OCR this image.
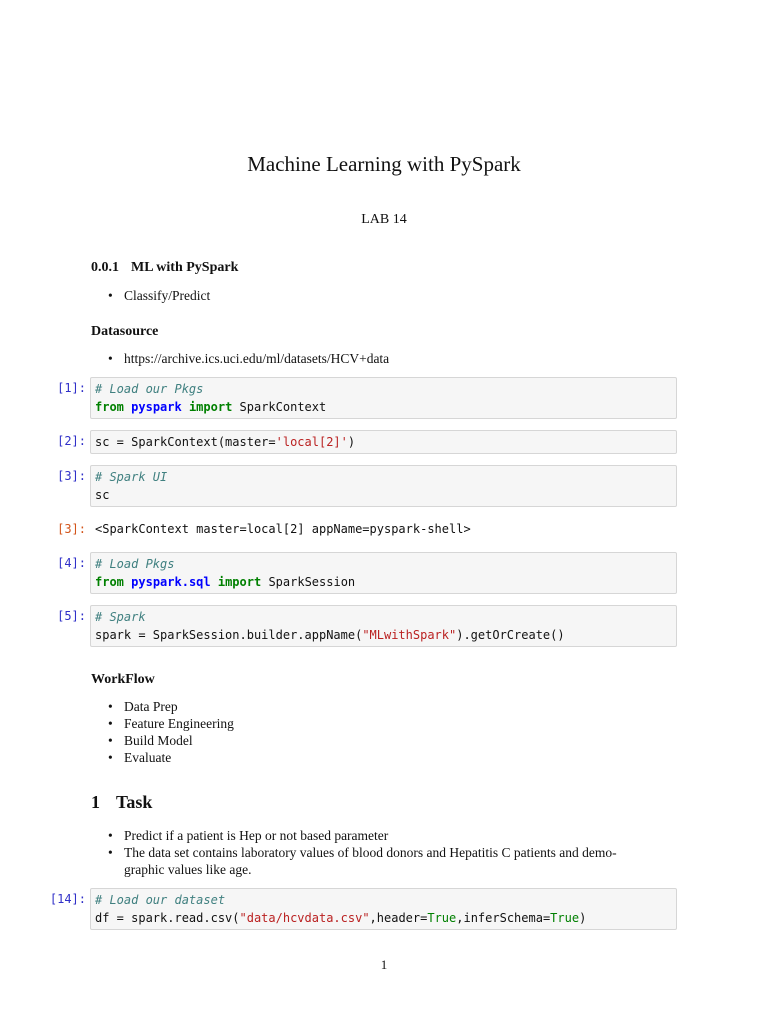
Machine Learning with PySpark
LAB 14
0.0.1 ML with PySpark
• Classify/Predict
Datasource
• https://archive.ics.uci.edu/ml/datasets/HCV+data
[1]: # Load our Pkgs
from pyspark import SparkContext
[2]: sc = SparkContext(master='local[2]')
[3]: # Spark UI
sc
[3]: <SparkContext master=local[2] appName=pyspark-shell>
[4]: # Load Pkgs
from pyspark.sql import SparkSession
[5]: # Spark
spark = SparkSession.builder.appName("MLwithSpark").getOrCreate()
WorkFlow
• Data Prep
• Feature Engineering
• Build Model
• Evaluate
1 Task
• Predict if a patient is Hep or not based parameter
• The data set contains laboratory values of blood donors and Hepatitis C patients and demo-
graphic values like age.
[14]: # Load our dataset
df = spark.read.csv("data/hcvdata.csv",header=True,inferSchema=True)
1
